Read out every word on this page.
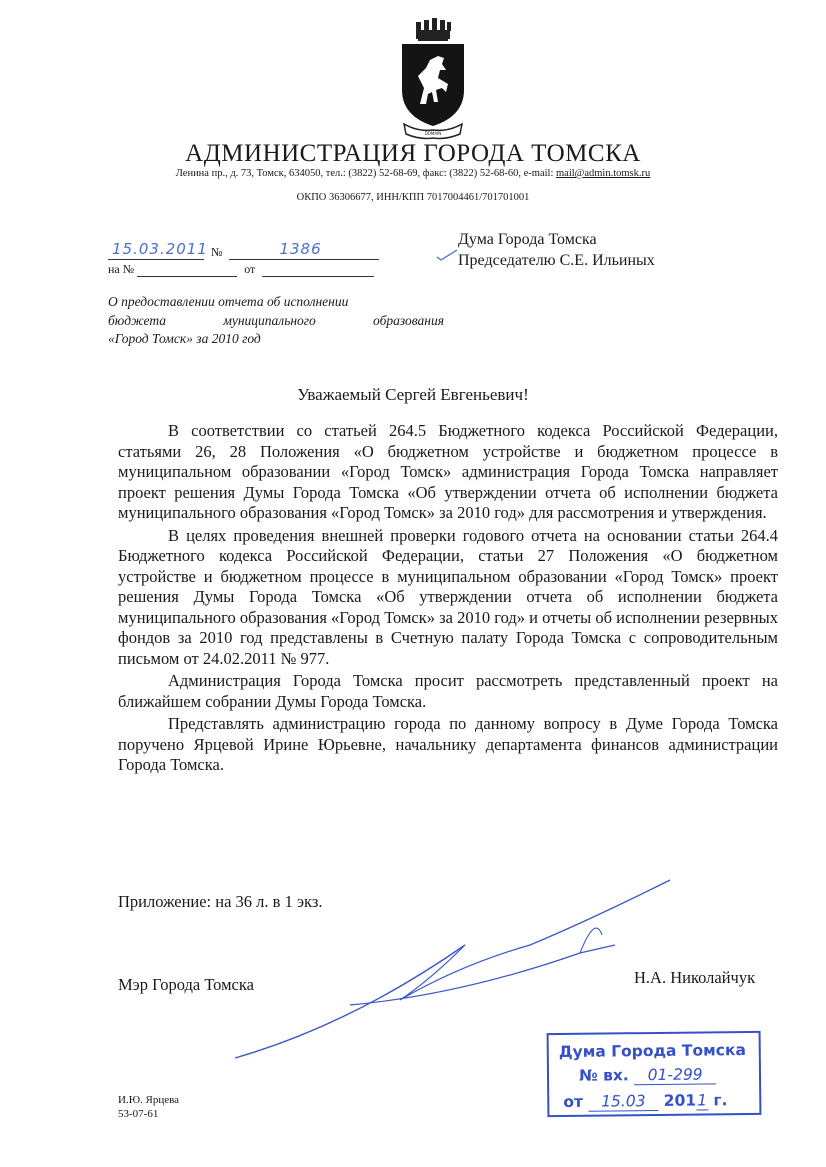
DOMAIN
АДМИНИСТРАЦИЯ ГОРОДА ТОМСКА
Ленина пр., д. 73, Томск, 634050, тел.: (3822) 52-68-69, факс: (3822) 52-68-60, e-mail: mail@admin.tomsk.ru
ОКПО 36306677, ИНН/КПП 7017004461/701701001
15.03.2011 №	1386
на №	от
Дума Города Томска
Председателю С.Е. Ильиных
О предоставлении отчета об исполнении
бюджета муниципального образования
«Город Томск» за 2010 год
Уважаемый Сергей Евгеньевич!

В соответствии со статьей 264.5 Бюджетного кодекса Российской Федерации, статьями 26, 28 Положения «О бюджетном устройстве и бюджетном процессе в муниципальном образовании «Город Томск» администрация Города Томска направляет проект решения Думы Города Томска «Об утверждении отчета об исполнении бюджета муниципального образования «Город Томск» за 2010 год» для рассмотрения и утверждения.

В целях проведения внешней проверки годового отчета на основании статьи 264.4 Бюджетного кодекса Российской Федерации, статьи 27 Положения «О бюджетном устройстве и бюджетном процессе в муниципальном образовании «Город Томск» проект решения Думы Города Томска «Об утверждении отчета об исполнении бюджета муниципального образования «Город Томск» за 2010 год» и отчеты об исполнении резервных фондов за 2010 год представлены в Счетную палату Города Томска с сопроводительным письмом от 24.02.2011 № 977.

Администрация Города Томска просит рассмотреть представленный проект на ближайшем собрании Думы Города Томска.

Представлять администрацию города по данному вопросу в Думе Города Томска поручено Ярцевой Ирине Юрьевне, начальнику департамента финансов администрации Города Томска.

Приложение: на 36 л. в 1 экз.
Мэр Города Томска	Н.А. Николайчук
Дума Города Томска
№ вх. 01-299
от 15.03 2011 г.
И.Ю. Ярцева
53-07-61
